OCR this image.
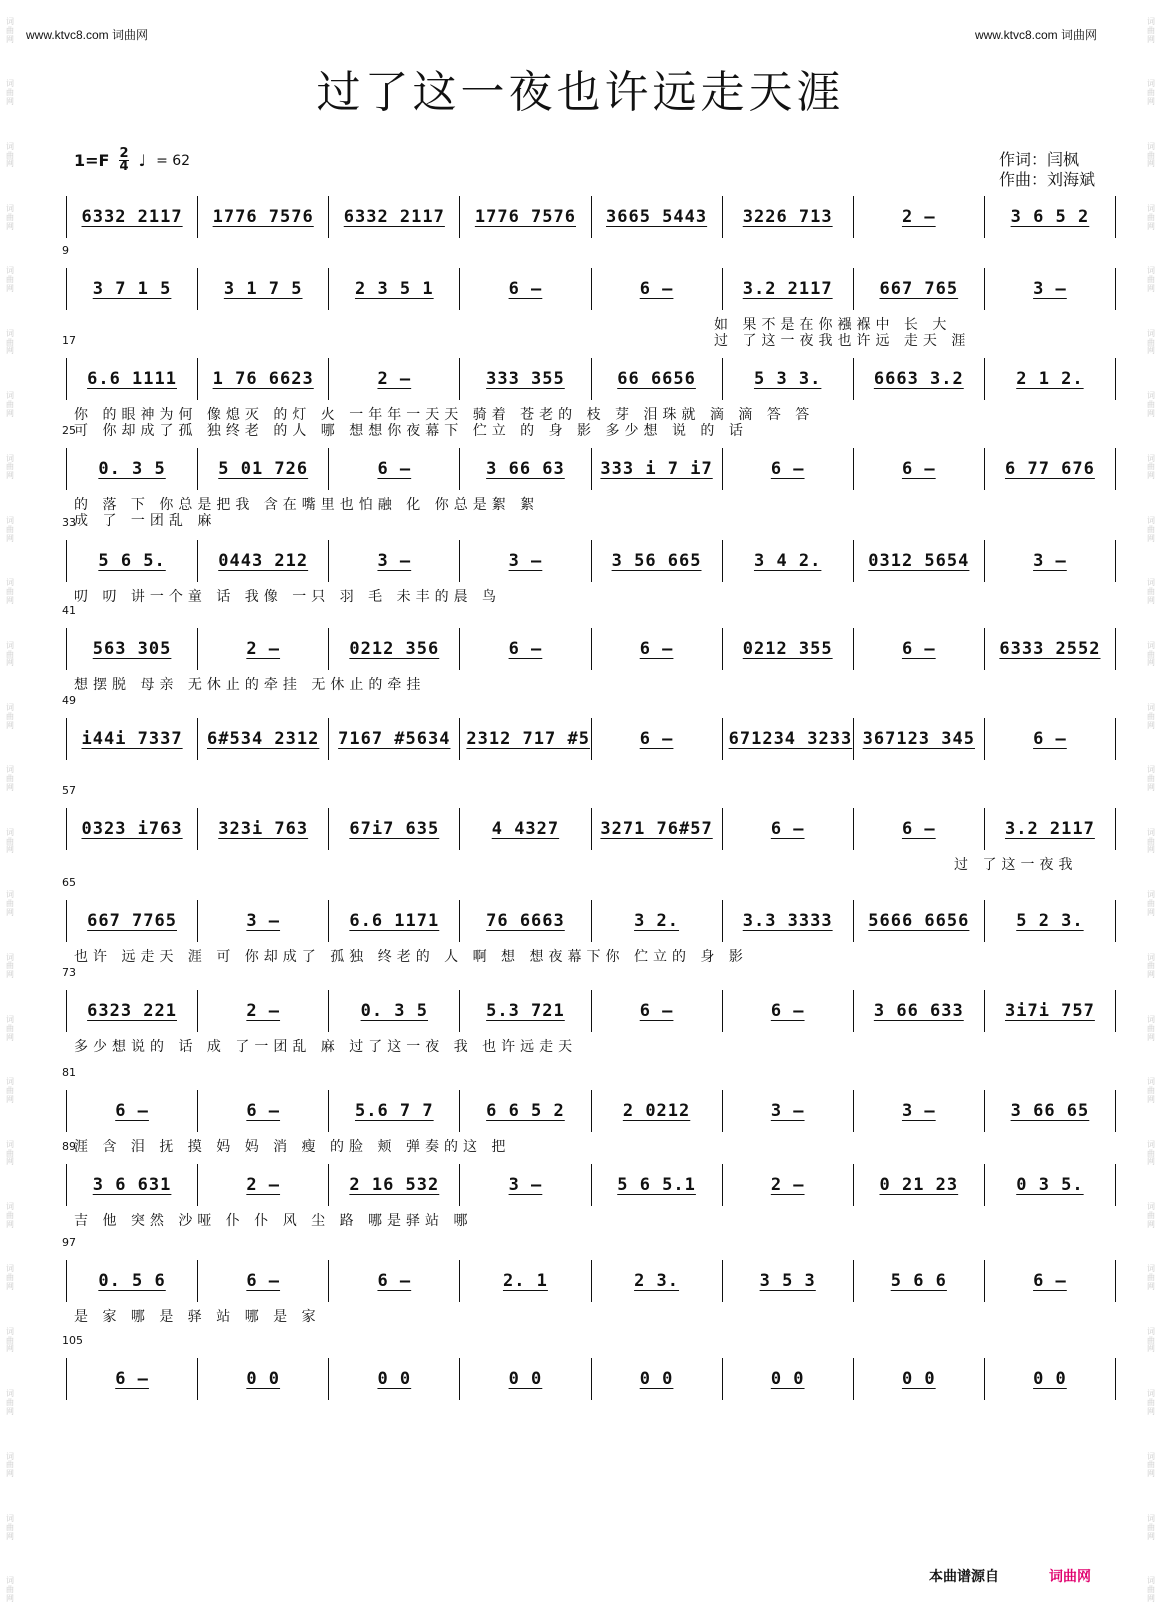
www.ktvc8.com 词曲网	www.ktvc8.com 词曲网
词
曲
网
词
曲
网
词
曲
网
词
曲
网
词
曲
网
词
曲
网
词
曲
网
词
曲
网
词
曲
网
词
曲
网
词
曲
网
词
曲
网
词
曲
网
词
曲
网
词
曲
网
词
曲
网
词
曲
网
词
曲
网
词
曲
网
词
曲
网
词
曲
网
词
曲
网
词
曲
网
词
曲
网
词
曲
网
词
曲
网
词
曲
网
词
曲
网
词
曲
网
词
曲
网
词
曲
网
词
曲
网
词
曲
网
词
曲
网
词
曲
网
词
曲
网
词
曲
网
词
曲
网
词
曲
网
词
曲
网
词
曲
网
词
曲
网
词
曲
网
词
曲
网
词
曲
网
词
曲
网
词
曲
网
词
曲
网
词
曲
网
词
曲
网
词
曲
网
词
曲
网
过了这一夜也许远走天涯
$1=F \frac{2}{4}$ ♩ = 62	作词：闫枫
作曲：刘海斌
6332 2117	1776 7576	6332 2117	1776 7576	3665 5443	3226 713	2 –	3 6 5 2
9
3 7 1 5	3 1 7 5	2 3 5 1	6 –	6 –	3.2 2117	667 765	3 –
如 果不是在你襁褓中 长 大
过 了这一夜我也许远 走天 涯
17
6.6 1111	1 76 6623	2 –	333 355	66 6656	5 3 3.	6663 3.2	2 1 2.
你 的眼神为何 像熄灭 的灯 火 一年年一天天 骑着 苍老的 枝 芽 泪珠就 滴 滴 答 答
可 你却成了孤 独终老 的人 哪 想想你夜幕下 伫立 的 身 影 多少想 说 的 话
25
0. 3 5	5 01 726	6 –	3 66 63	333 i 7 i7	6 –	6 –	6 77 676
的 落 下 你总是把我 含在嘴里也怕融 化 你总是絮 絮
成 了 一团乱 麻
33
5 6 5.	0443 212	3 –	3 –	3 56 665	3 4 2.	0312 5654	3 –
叨 叨 讲一个童 话 我像 一只 羽 毛 未丰的晨 鸟
41
563 305	2 –	0212 356	6 –	6 –	0212 355	6 –	6333 2552
想摆脱 母亲 无休止的牵挂 无休止的牵挂
49
i44i 7337	6#534 2312	7167 #5634 2312 717 #5	6 –	671234 3233 367123 345	6 –
57
0323 i763	323i 763	67i7 635	4 4327	3271 76#57	6 –	6 –	3.2 2117
过 了这一夜我
65
667 7765	3 –	6.6 1171	76 6663	3 2.	3.3 3333	5666 6656	5 2 3.
也许 远走天 涯 可 你却成了 孤独 终老的 人 啊 想 想夜幕下你 伫立的 身 影
73
6323 221	2 –	0. 3 5	5.3 721	6 –	6 –	3 66 633	3i7i 757
多少想说的 话 成 了一团乱 麻 过了这一夜 我 也许远走天
81
6 –	6 –	5.6 7 7	6 6 5 2	2 0212	3 –	3 –	3 66 65
涯 含 泪 抚 摸 妈 妈 消 瘦 的脸 颊 弹奏的这 把
89
3 6 631	2 –	2 16 532	3 –	5 6 5.1	2 –	0 21 23	0 3 5.
吉 他 突然 沙哑 仆 仆 风 尘 路 哪是驿站 哪
97
0. 5 6	6 –	6 –	2. 1	2 3.	3 5 3	5 6 6	6 –
是 家 哪 是 驿 站 哪 是 家
105
6 –	0 0	0 0	0 0	0 0	0 0	0 0	0 0
本曲谱源自	词曲网
